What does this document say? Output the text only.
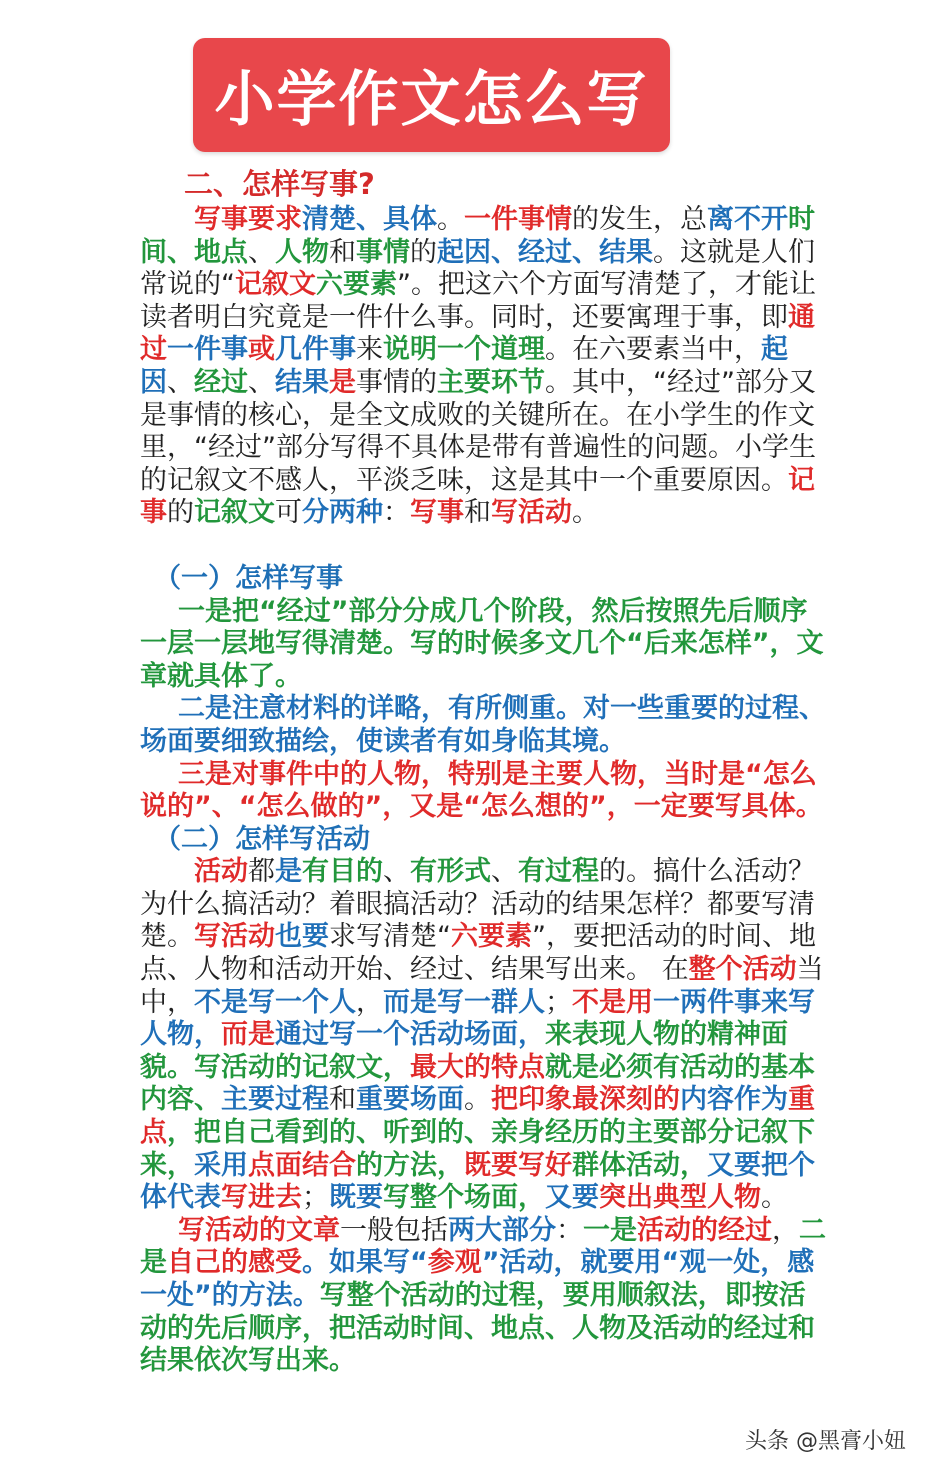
小学作文怎么写

二、怎样写事?

写事要求清楚、具体。一件事情的发生，总离不开时间、地点、人物和事情的起因、经过、结果。这就是人们常说的“记叙文六要素”。把这六个方面写清楚了，才能让读者明白究竟是一件什么事。同时，还要寓理于事，即通过一件事或几件事来说明一个道理。在六要素当中，起因、经过、结果是事情的主要环节。其中，“经过”部分又是事情的核心，是全文成败的关键所在。在小学生的作文里，“经过”部分写得不具体是带有普遍性的问题。小学生的记叙文不感人，平淡乏味，这是其中一个重要原因。记事的记叙文可分两种：写事和写活动。

（一）怎样写事

一是把“经过”部分分成几个阶段，然后按照先后顺序一层一层地写得清楚。写的时候多文几个“后来怎样”，文章就具体了。

二是注意材料的详略，有所侧重。对一些重要的过程、场面要细致描绘，使读者有如身临其境。

三是对事件中的人物，特别是主要人物，当时是“怎么说的”、“怎么做的”，又是“怎么想的”，一定要写具体。

（二）怎样写活动

活动都是有目的、有形式、有过程的。搞什么活动？为什么搞活动？着眼搞活动？活动的结果怎样？都要写清楚。写活动也要求写清楚“六要素”，要把活动的时间、地点、人物和活动开始、经过、结果写出来。 在整个活动当中，不是写一个人，而是写一群人；不是用一两件事来写人物，而是通过写一个活动场面，来表现人物的精神面貌。写活动的记叙文，最大的特点就是必须有活动的基本内容、主要过程和重要场面。把印象最深刻的内容作为重点，把自己看到的、听到的、亲身经历的主要部分记叙下来，采用点面结合的方法，既要写好群体活动，又要把个体代表写进去；既要写整个场面，又要突出典型人物。

写活动的文章一般包括两大部分：一是活动的经过，二是自己的感受。如果写“参观”活动，就要用“观一处，感一处”的方法。写整个活动的过程，要用顺叙法，即按活动的先后顺序，把活动时间、地点、人物及活动的经过和结果依次写出来。

头条 @黑膏小妞
